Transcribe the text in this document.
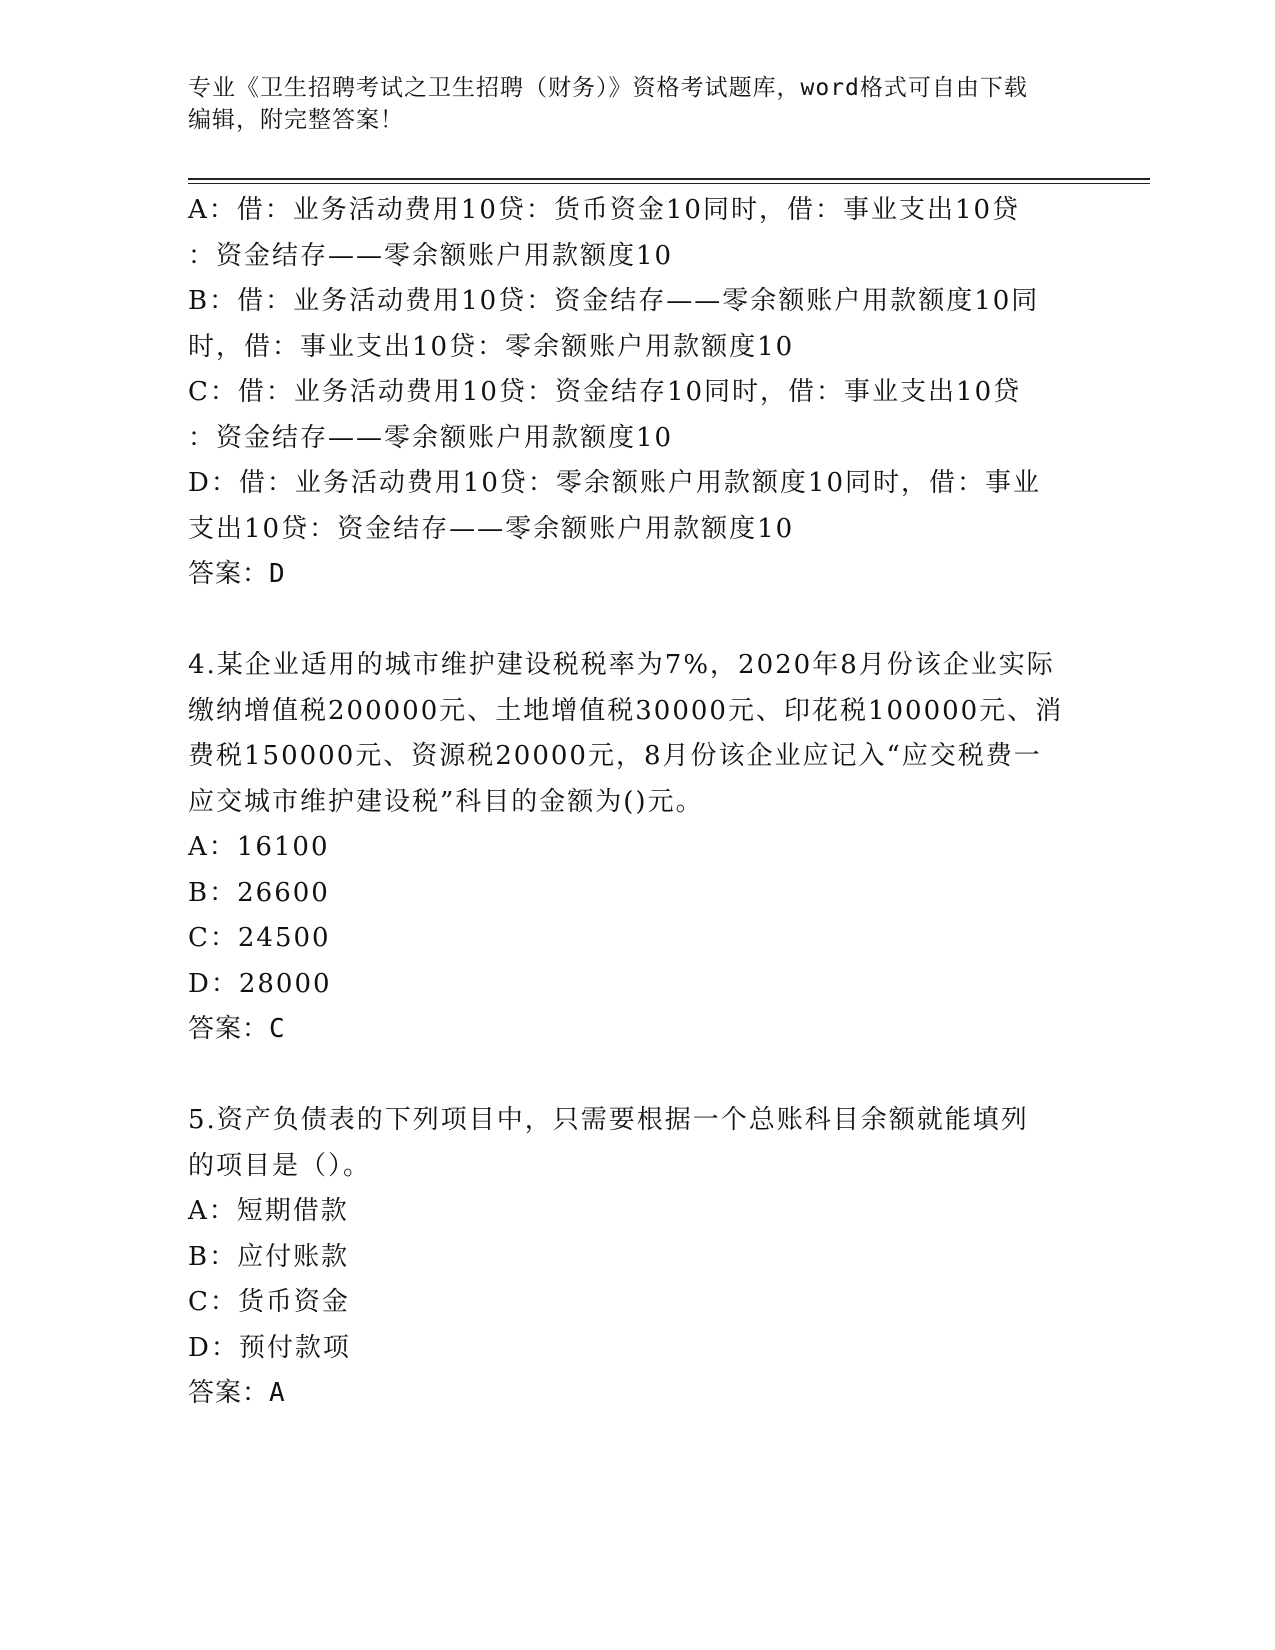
专业《卫生招聘考试之卫生招聘（财务）》资格考试题库，word格式可自由下载
编辑，附完整答案！
A：借：业务活动费用10贷：货币资金10同时，借：事业支出10贷
：资金结存——零余额账户用款额度10
B：借：业务活动费用10贷：资金结存——零余额账户用款额度10同
时，借：事业支出10贷：零余额账户用款额度10
C：借：业务活动费用10贷：资金结存10同时，借：事业支出10贷
：资金结存——零余额账户用款额度10
D：借：业务活动费用10贷：零余额账户用款额度10同时，借：事业
支出10贷：资金结存——零余额账户用款额度10
答案：D
4.某企业适用的城市维护建设税税率为7%，2020年8月份该企业实际
缴纳增值税200000元、土地增值税30000元、印花税100000元、消
费税150000元、资源税20000元，8月份该企业应记入“应交税费一
应交城市维护建设税”科目的金额为()元。
A：16100
B：26600
C：24500
D：28000
答案：C
5.资产负债表的下列项目中，只需要根据一个总账科目余额就能填列
的项目是（）。
A：短期借款
B：应付账款
C：货币资金
D：预付款项
答案：A
